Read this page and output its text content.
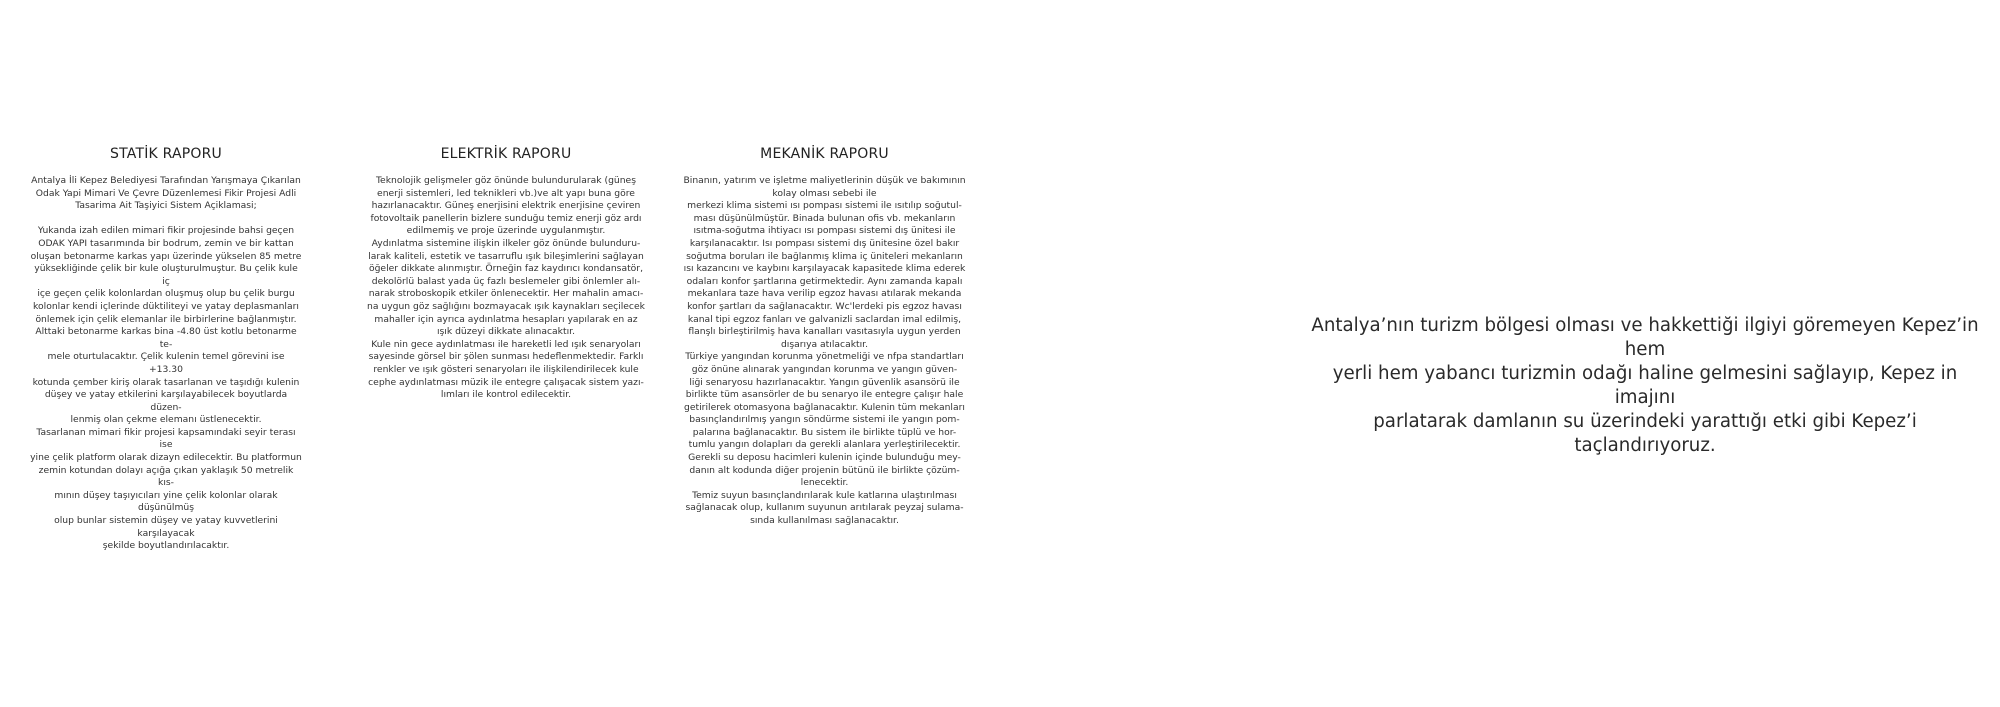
STATİK RAPORU

Antalya İli Kepez Belediyesi Tarafından Yarışmaya Çıkarılan
Odak Yapi Mimari Ve Çevre Düzenlemesi Fikir Projesi Adli
Tasarima Ait Taşiyici Sistem Açiklamasi;

Yukanda izah edilen mimari fikir projesinde bahsi geçen
ODAK YAPI tasarımında bir bodrum, zemin ve bir kattan
oluşan betonarme karkas yapı üzerinde yükselen 85 metre
yüksekliğinde çelik bir kule oluşturulmuştur. Bu çelik kule iç
içe geçen çelik kolonlardan oluşmuş olup bu çelik burgu
kolonlar kendi içlerinde düktiliteyi ve yatay deplasmanları
önlemek için çelik elemanlar ile birbirlerine bağlanmıştır.
Alttaki betonarme karkas bina -4.80 üst kotlu betonarme te-
mele oturtulacaktır. Çelik kulenin temel görevini ise +13.30
kotunda çember kiriş olarak tasarlanan ve taşıdığı kulenin
düşey ve yatay etkilerini karşılayabilecek boyutlarda düzen-
lenmiş olan çekme elemanı üstlenecektir.
Tasarlanan mimari fikir projesi kapsamındaki seyir terası ise
yine çelik platform olarak dizayn edilecektir. Bu platformun
zemin kotundan dolayı açığa çıkan yaklaşık 50 metrelik kıs-
mının düşey taşıyıcıları yine çelik kolonlar olarak düşünülmüş
olup bunlar sistemin düşey ve yatay kuvvetlerini karşılayacak
şekilde boyutlandırılacaktır.

ELEKTRİK RAPORU

Teknolojik gelişmeler göz önünde bulundurularak (güneş
enerji sistemleri, led teknikleri vb.)ve alt yapı buna göre
hazırlanacaktır. Güneş enerjisini elektrik enerjisine çeviren
fotovoltaik panellerin bizlere sunduğu temiz enerji göz ardı
edilmemiş ve proje üzerinde uygulanmıştır.
Aydınlatma sistemine ilişkin ilkeler göz önünde bulunduru-
larak kaliteli, estetik ve tasarruflu ışık bileşimlerini sağlayan
öğeler dikkate alınmıştır. Örneğin faz kaydırıcı kondansatör,
dekolörlü balast yada üç fazlı beslemeler gibi önlemler alı-
narak stroboskopik etkiler önlenecektir. Her mahalin amacı-
na uygun göz sağlığını bozmayacak ışık kaynakları seçilecek
mahaller için ayrıca aydınlatma hesapları yapılarak en az
ışık düzeyi dikkate alınacaktır.
Kule nin gece aydınlatması ile hareketli led ışık senaryoları
sayesinde görsel bir şölen sunması hedeflenmektedir. Farklı
renkler ve ışık gösteri senaryoları ile ilişkilendirilecek kule
cephe aydınlatması müzik ile entegre çalışacak sistem yazı-
lımları ile kontrol edilecektir.

MEKANİK RAPORU

Binanın, yatırım ve işletme maliyetlerinin düşük ve bakımının
kolay olması sebebi ile
merkezi klima sistemi ısı pompası sistemi ile ısıtılıp soğutul-
ması düşünülmüştür. Binada bulunan ofis vb. mekanların
ısıtma-soğutma ihtiyacı ısı pompası sistemi dış ünitesi ile
karşılanacaktır. Isı pompası sistemi dış ünitesine özel bakır
soğutma boruları ile bağlanmış klima iç üniteleri mekanların
ısı kazancını ve kaybını karşılayacak kapasitede klima ederek
odaları konfor şartlarına getirmektedir. Aynı zamanda kapalı
mekanlara taze hava verilip egzoz havası atılarak mekanda
konfor şartları da sağlanacaktır. Wc'lerdeki pis egzoz havası
kanal tipi egzoz fanları ve galvanizli saclardan imal edilmiş,
flanşlı birleştirilmiş hava kanalları vasıtasıyla uygun yerden
dışarıya atılacaktır.
Türkiye yangından korunma yönetmeliği ve nfpa standartları
göz önüne alınarak yangından korunma ve yangın güven-
liği senaryosu hazırlanacaktır. Yangın güvenlik asansörü ile
birlikte tüm asansörler de bu senaryo ile entegre çalışır hale
getirilerek otomasyona bağlanacaktır. Kulenin tüm mekanları
basınçlandırılmış yangın söndürme sistemi ile yangın pom-
palarına bağlanacaktır. Bu sistem ile birlikte tüplü ve hor-
tumlu yangın dolapları da gerekli alanlara yerleştirilecektir.
Gerekli su deposu hacimleri kulenin içinde bulunduğu mey-
danın alt kodunda diğer projenin bütünü ile birlikte çözüm-
lenecektir.
Temiz suyun basınçlandırılarak kule katlarına ulaştırılması
sağlanacak olup, kullanım suyunun arıtılarak peyzaj sulama-
sında kullanılması sağlanacaktır.

Antalya’nın turizm bölgesi olması ve hakkettiği ilgiyi göremeyen Kepez’in hem
yerli hem yabancı turizmin odağı haline gelmesini sağlayıp, Kepez in imajını
parlatarak damlanın su üzerindeki yarattığı etki gibi Kepez’i taçlandırıyoruz.
